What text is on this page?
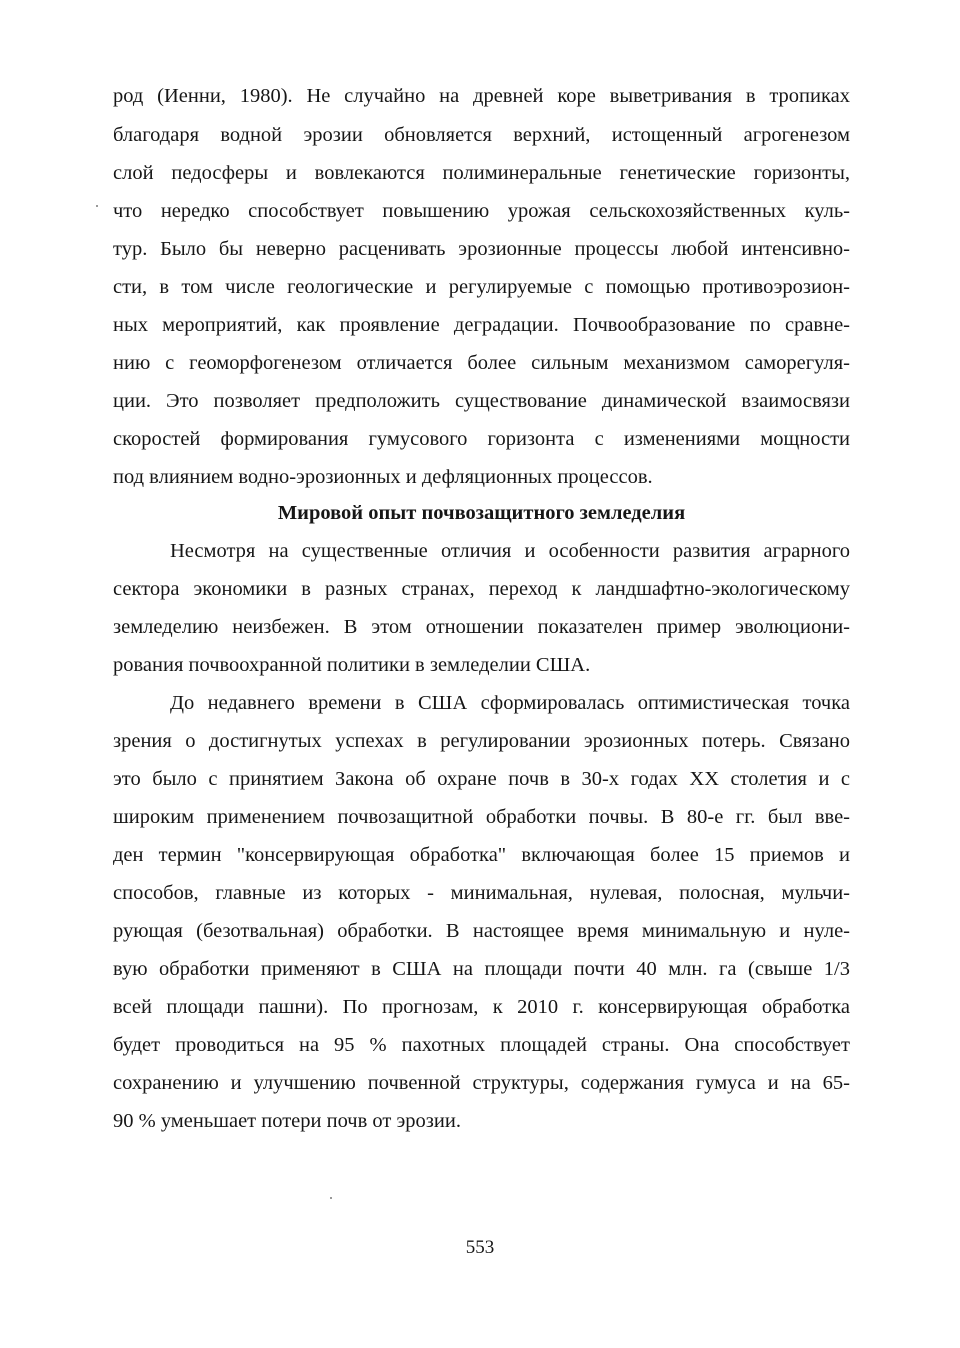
род (Иенни, 1980). Не случайно на древней коре выветривания в тропиках
благодаря водной эрозии обновляется верхний, истощенный агрогенезом
слой педосферы и вовлекаются полиминеральные генетические горизонты,
что нередко способствует повышению урожая сельскохозяйственных куль-
тур. Было бы неверно расценивать эрозионные процессы любой интенсивно-
сти, в том числе геологические и регулируемые с помощью противоэрозион-
ных мероприятий, как проявление деградации. Почвообразование по сравне-
нию с геоморфогенезом отличается более сильным механизмом саморегуля-
ции. Это позволяет предположить существование динамической взаимосвязи
скоростей формирования гумусового горизонта с изменениями мощности
под влиянием водно-эрозионных и дефляционных процессов.
Мировой опыт почвозащитного земледелия
Несмотря на существенные отличия и особенности развития аграрного
сектора экономики в разных странах, переход к ландшафтно-экологическому
земледелию неизбежен. В этом отношении показателен пример эволюциони-
рования почвоохранной политики в земледелии США.
До недавнего времени в США сформировалась оптимистическая точка
зрения о достигнутых успехах в регулировании эрозионных потерь. Связано
это было с принятием Закона об охране почв в 30-х годах XX столетия и с
широким применением почвозащитной обработки почвы. В 80-е гг. был вве-
ден термин "консервирующая обработка" включающая более 15 приемов и
способов, главные из которых - минимальная, нулевая, полосная, мульчи-
рующая (безотвальная) обработки. В настоящее время минимальную и нуле-
вую обработки применяют в США на площади почти 40 млн. га (свыше 1/3
всей площади пашни). По прогнозам, к 2010 г. консервирующая обработка
будет проводиться на 95 % пахотных площадей страны. Она способствует
сохранению и улучшению почвенной структуры, содержания гумуса и на 65-
90 % уменьшает потери почв от эрозии.
553
